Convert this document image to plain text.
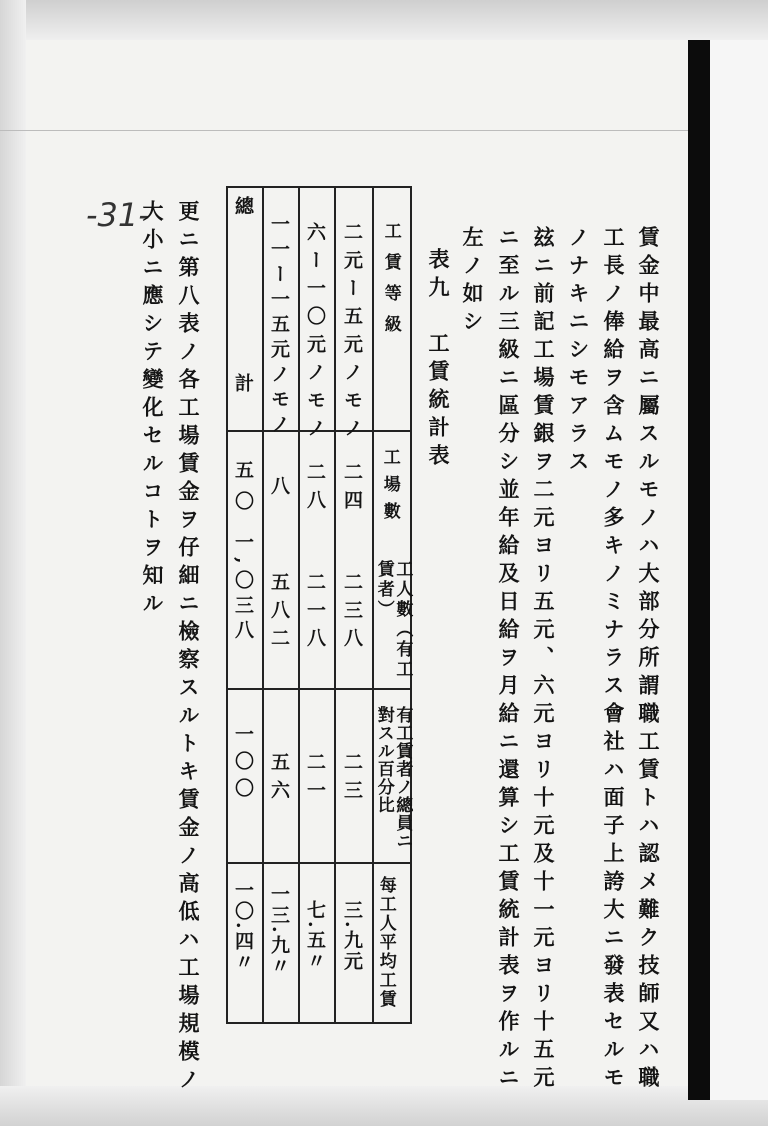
-31-
賃金中最高ニ屬スルモノハ大部分所謂職工賃トハ認メ難ク技師又ハ職
工長ノ俸給ヲ含ムモノ多キノミナラス會社ハ面子上誇大ニ發表セルモ
ノナキニシモアラス
玆ニ前記工場賃銀ヲ二元ヨリ五元、六元ヨリ十元及十一元ヨリ十五元
ニ至ル三級ニ區分シ並年給及日給ヲ月給ニ還算シ工賃統計表ヲ作ルニ
左ノ如シ
表九　工賃統計表
工賃等級
工場數
工人數（有工賃者）
有工賃者ノ總員ニ對スル百分比
每工人平均工賃
二元ー五元ノモノ
二四
二三八
二三
三.九元
六ー一〇元ノモノ
二八
二一八
二一
七.五〃
一一ー一五元ノモノ
八
五八二
五六
一三.九〃
總　　計
五〇
一,〇三八
一〇〇
一〇.四〃
更ニ第八表ノ各工場賃金ヲ仔細ニ檢察スルトキ賃金ノ高低ハ工場規模ノ
大小ニ應シテ變化セルコトヲ知ル
